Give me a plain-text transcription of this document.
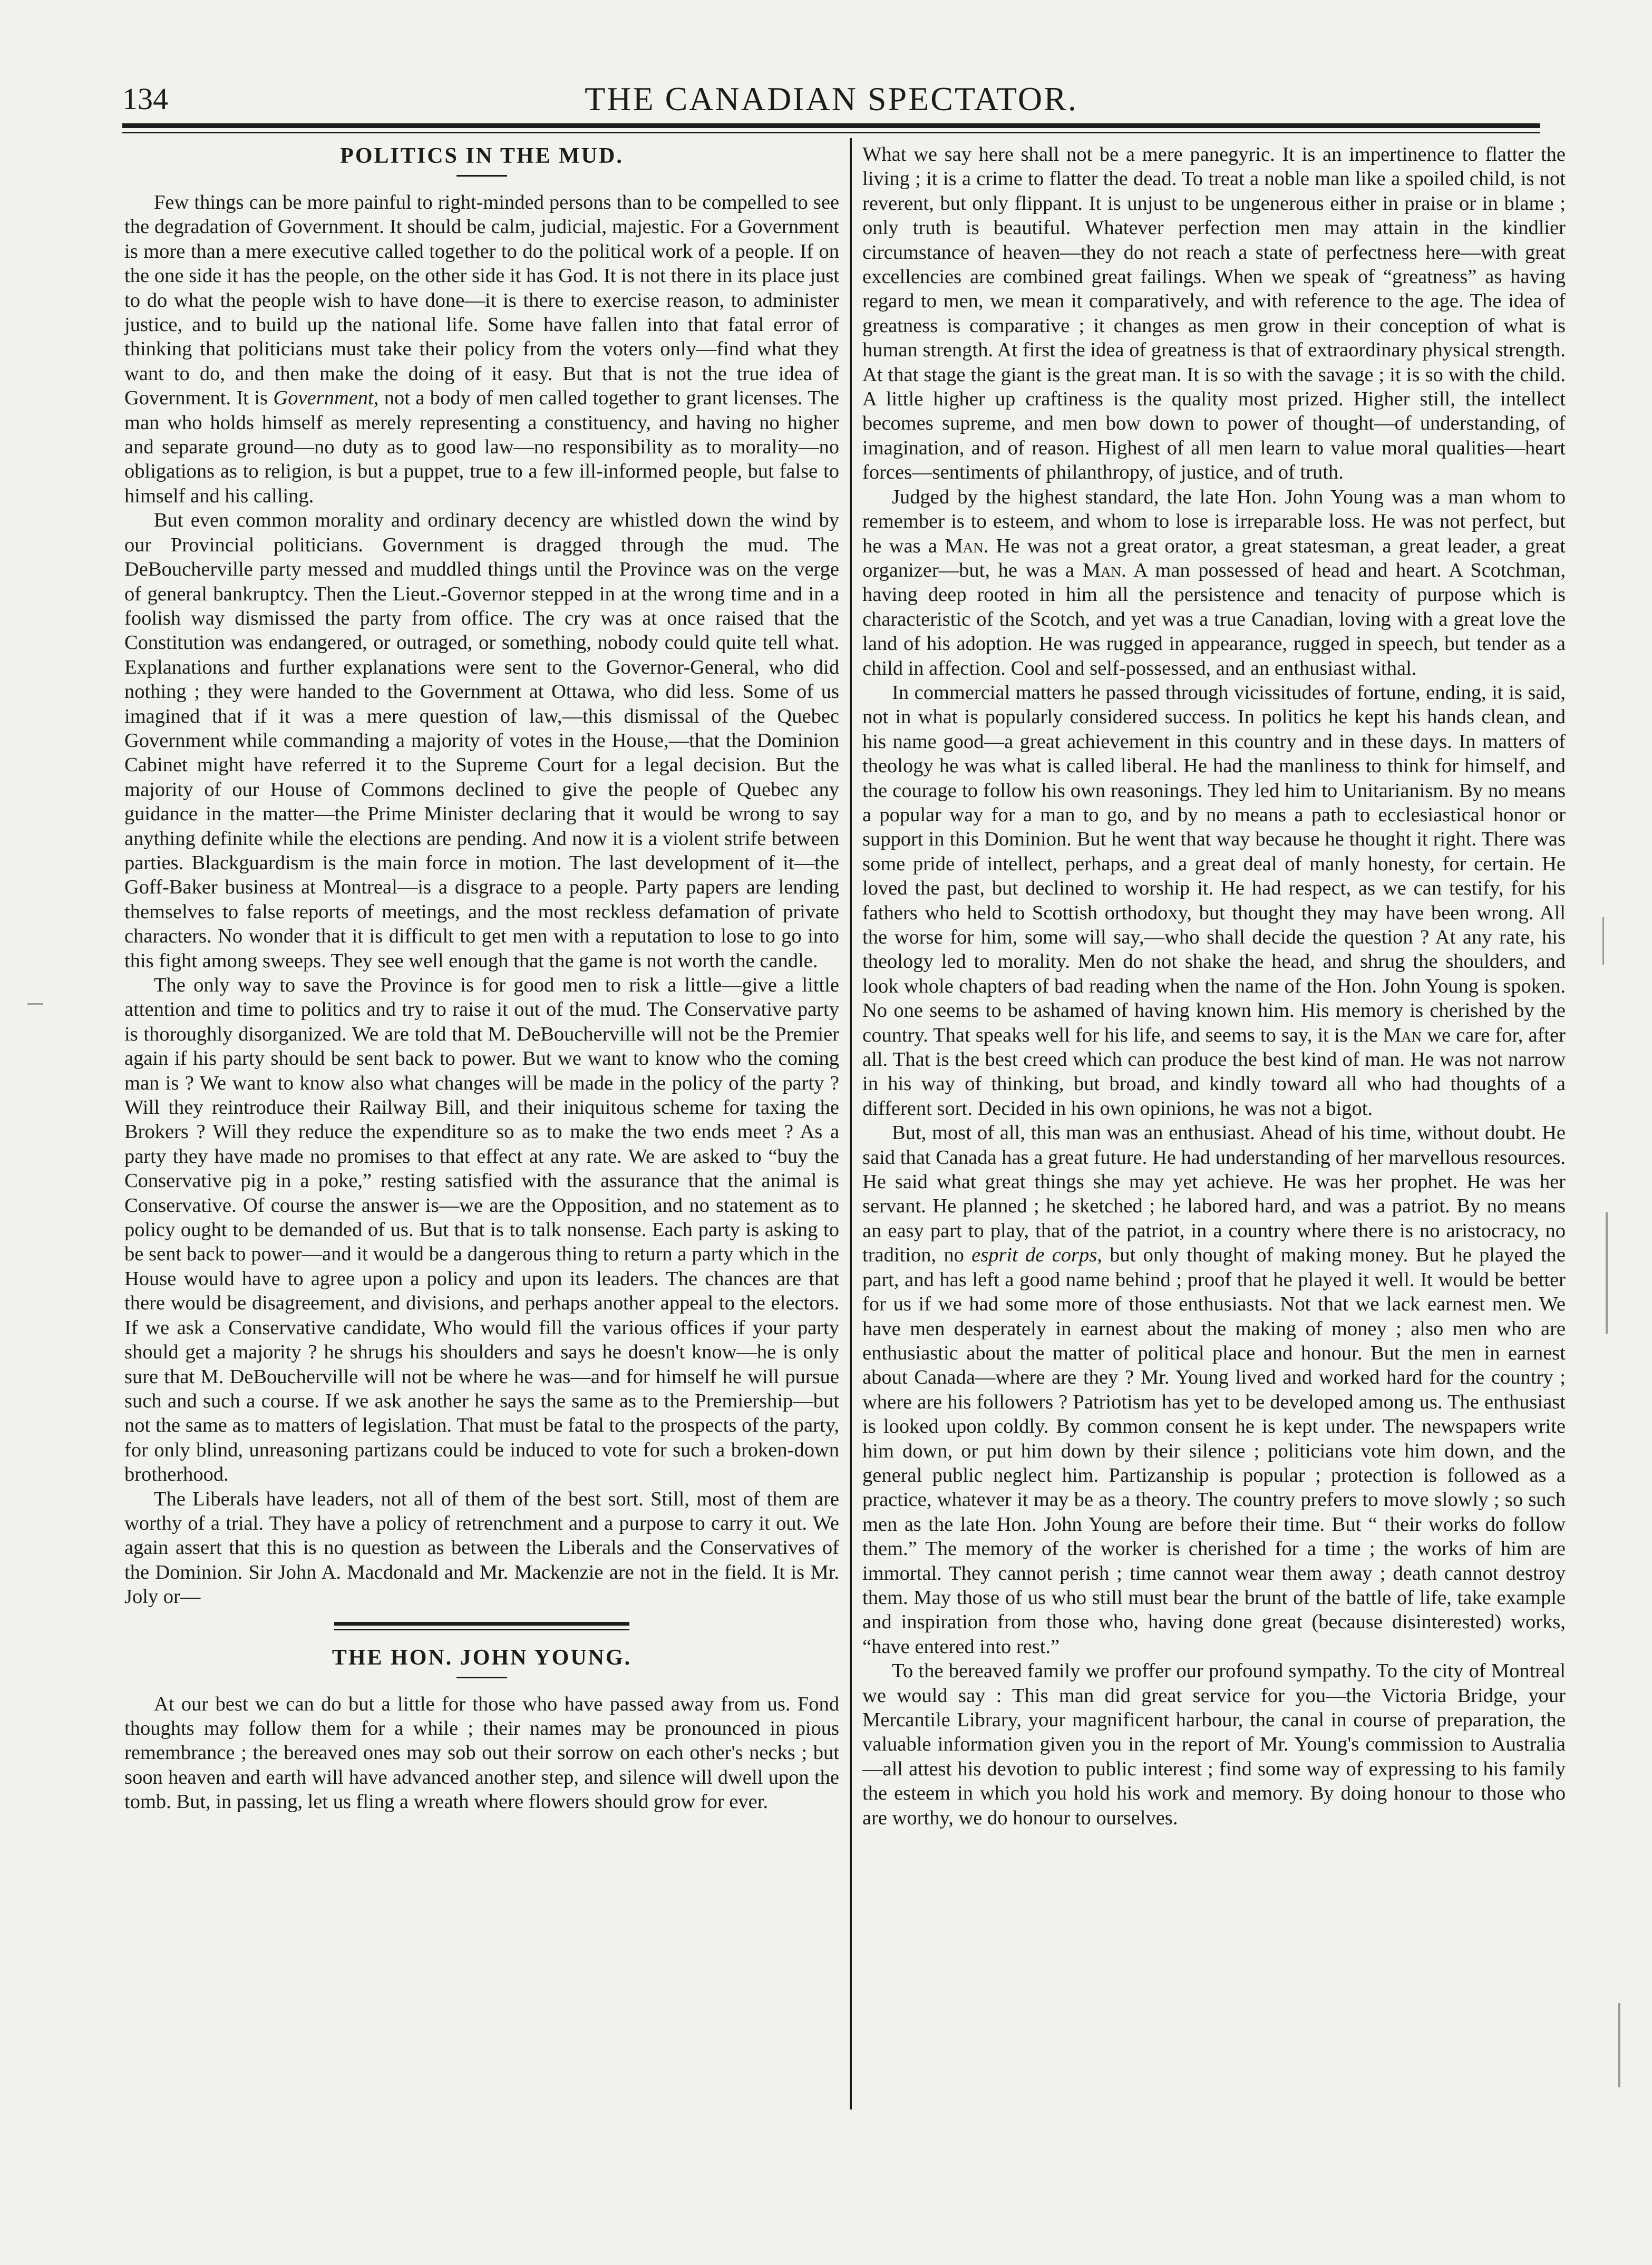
134	THE CANADIAN SPECTATOR.
POLITICS IN THE MUD.

Few things can be more painful to right-minded persons than to be compelled to see the degradation of Government. It should be calm, judicial, majestic. For a Government is more than a mere executive called together to do the political work of a people. If on the one side it has the people, on the other side it has God. It is not there in its place just to do what the people wish to have done—it is there to exercise reason, to administer justice, and to build up the national life. Some have fallen into that fatal error of thinking that politicians must take their policy from the voters only—find what they want to do, and then make the doing of it easy. But that is not the true idea of Government. It is Government, not a body of men called together to grant licenses. The man who holds himself as merely representing a constituency, and having no higher and separate ground—no duty as to good law—no responsibility as to morality—no obligations as to religion, is but a puppet, true to a few ill-informed people, but false to himself and his calling.

But even common morality and ordinary decency are whistled down the wind by our Provincial politicians. Government is dragged through the mud. The DeBoucherville party messed and muddled things until the Province was on the verge of general bankruptcy. Then the Lieut.-Governor stepped in at the wrong time and in a foolish way dismissed the party from office. The cry was at once raised that the Constitution was endangered, or outraged, or something, nobody could quite tell what. Explanations and further explanations were sent to the Governor-General, who did nothing ; they were handed to the Government at Ottawa, who did less. Some of us imagined that if it was a mere question of law,—this dismissal of the Quebec Government while commanding a majority of votes in the House,—that the Dominion Cabinet might have referred it to the Supreme Court for a legal decision. But the majority of our House of Commons declined to give the people of Quebec any guidance in the matter—the Prime Minister declaring that it would be wrong to say anything definite while the elections are pending. And now it is a violent strife between parties. Blackguardism is the main force in motion. The last development of it—the Goff-Baker business at Montreal—is a disgrace to a people. Party papers are lending themselves to false reports of meetings, and the most reckless defamation of private characters. No wonder that it is difficult to get men with a reputation to lose to go into this fight among sweeps. They see well enough that the game is not worth the candle.

The only way to save the Province is for good men to risk a little—give a little attention and time to politics and try to raise it out of the mud. The Conservative party is thoroughly disorganized. We are told that M. DeBoucherville will not be the Premier again if his party should be sent back to power. But we want to know who the coming man is ? We want to know also what changes will be made in the policy of the party ? Will they reintroduce their Railway Bill, and their iniquitous scheme for taxing the Brokers ? Will they reduce the expenditure so as to make the two ends meet ? As a party they have made no promises to that effect at any rate. We are asked to “buy the Conservative pig in a poke,” resting satisfied with the assurance that the animal is Conservative. Of course the answer is—we are the Opposition, and no statement as to policy ought to be demanded of us. But that is to talk nonsense. Each party is asking to be sent back to power—and it would be a dangerous thing to return a party which in the House would have to agree upon a policy and upon its leaders. The chances are that there would be disagreement, and divisions, and perhaps another appeal to the electors. If we ask a Conservative candidate, Who would fill the various offices if your party should get a majority ? he shrugs his shoulders and says he doesn't know—he is only sure that M. DeBoucherville will not be where he was—and for himself he will pursue such and such a course. If we ask another he says the same as to the Premiership—but not the same as to matters of legislation. That must be fatal to the prospects of the party, for only blind, unreasoning partizans could be induced to vote for such a broken-down brotherhood.

The Liberals have leaders, not all of them of the best sort. Still, most of them are worthy of a trial. They have a policy of retrenchment and a purpose to carry it out. We again assert that this is no question as between the Liberals and the Conservatives of the Dominion. Sir John A. Macdonald and Mr. Mackenzie are not in the field. It is Mr. Joly or—

THE HON. JOHN YOUNG.

At our best we can do but a little for those who have passed away from us. Fond thoughts may follow them for a while ; their names may be pronounced in pious remembrance ; the bereaved ones may sob out their sorrow on each other's necks ; but soon heaven and earth will have advanced another step, and silence will dwell upon the tomb. But, in passing, let us fling a wreath where flowers should grow for ever.

What we say here shall not be a mere panegyric. It is an impertinence to flatter the living ; it is a crime to flatter the dead. To treat a noble man like a spoiled child, is not reverent, but only flippant. It is unjust to be ungenerous either in praise or in blame ; only truth is beautiful. Whatever perfection men may attain in the kindlier circumstance of heaven—they do not reach a state of perfectness here—with great excellencies are combined great failings. When we speak of “greatness” as having regard to men, we mean it comparatively, and with reference to the age. The idea of greatness is comparative ; it changes as men grow in their conception of what is human strength. At first the idea of greatness is that of extraordinary physical strength. At that stage the giant is the great man. It is so with the savage ; it is so with the child. A little higher up craftiness is the quality most prized. Higher still, the intellect becomes supreme, and men bow down to power of thought—of understanding, of imagination, and of reason. Highest of all men learn to value moral qualities—heart forces—sentiments of philanthropy, of justice, and of truth.

Judged by the highest standard, the late Hon. John Young was a man whom to remember is to esteem, and whom to lose is irreparable loss. He was not perfect, but he was a Man. He was not a great orator, a great statesman, a great leader, a great organizer—but, he was a Man. A man possessed of head and heart. A Scotchman, having deep rooted in him all the persistence and tenacity of purpose which is characteristic of the Scotch, and yet was a true Canadian, loving with a great love the land of his adoption. He was rugged in appearance, rugged in speech, but tender as a child in affection. Cool and self-possessed, and an enthusiast withal.

In commercial matters he passed through vicissitudes of fortune, ending, it is said, not in what is popularly considered success. In politics he kept his hands clean, and his name good—a great achievement in this country and in these days. In matters of theology he was what is called liberal. He had the manliness to think for himself, and the courage to follow his own reasonings. They led him to Unitarianism. By no means a popular way for a man to go, and by no means a path to ecclesiastical honor or support in this Dominion. But he went that way because he thought it right. There was some pride of intellect, perhaps, and a great deal of manly honesty, for certain. He loved the past, but declined to worship it. He had respect, as we can testify, for his fathers who held to Scottish orthodoxy, but thought they may have been wrong. All the worse for him, some will say,—who shall decide the question ? At any rate, his theology led to morality. Men do not shake the head, and shrug the shoulders, and look whole chapters of bad reading when the name of the Hon. John Young is spoken. No one seems to be ashamed of having known him. His memory is cherished by the country. That speaks well for his life, and seems to say, it is the Man we care for, after all. That is the best creed which can produce the best kind of man. He was not narrow in his way of thinking, but broad, and kindly toward all who had thoughts of a different sort. Decided in his own opinions, he was not a bigot.

But, most of all, this man was an enthusiast. Ahead of his time, without doubt. He said that Canada has a great future. He had understanding of her marvellous resources. He said what great things she may yet achieve. He was her prophet. He was her servant. He planned ; he sketched ; he labored hard, and was a patriot. By no means an easy part to play, that of the patriot, in a country where there is no aristocracy, no tradition, no esprit de corps, but only thought of making money. But he played the part, and has left a good name behind ; proof that he played it well. It would be better for us if we had some more of those enthusiasts. Not that we lack earnest men. We have men desperately in earnest about the making of money ; also men who are enthusiastic about the matter of political place and honour. But the men in earnest about Canada—where are they ? Mr. Young lived and worked hard for the country ; where are his followers ? Patriotism has yet to be developed among us. The enthusiast is looked upon coldly. By common consent he is kept under. The newspapers write him down, or put him down by their silence ; politicians vote him down, and the general public neglect him. Partizanship is popular ; protection is followed as a practice, whatever it may be as a theory. The country prefers to move slowly ; so such men as the late Hon. John Young are before their time. But “ their works do follow them.” The memory of the worker is cherished for a time ; the works of him are immortal. They cannot perish ; time cannot wear them away ; death cannot destroy them. May those of us who still must bear the brunt of the battle of life, take example and inspiration from those who, having done great (because disinterested) works, “have entered into rest.”

To the bereaved family we proffer our profound sympathy. To the city of Montreal we would say : This man did great service for you—the Victoria Bridge, your Mercantile Library, your magnificent harbour, the canal in course of preparation, the valuable information given you in the report of Mr. Young's commission to Australia—all attest his devotion to public interest ; find some way of expressing to his family the esteem in which you hold his work and memory. By doing honour to those who are worthy, we do honour to ourselves.
